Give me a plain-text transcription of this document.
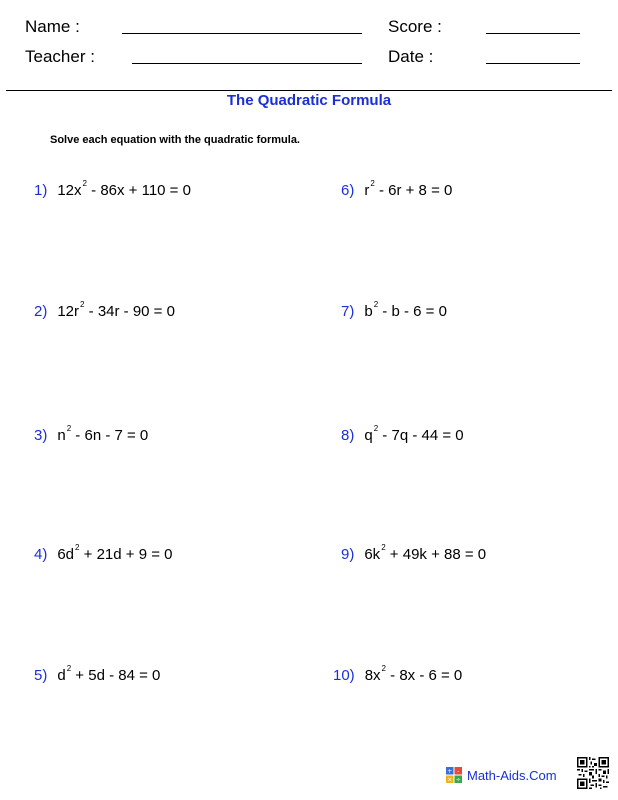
Name :	Score :
Teacher :	Date :
The Quadratic Formula
Solve each equation with the quadratic formula.
1) $12x^2 - 86x + 110 = 0$
2) $12r^2 - 34r - 90 = 0$
3) $n^2 - 6n - 7 = 0$
4) $6d^2 + 21d + 9 = 0$
5) $d^2 + 5d - 84 = 0$
6) $r^2 - 6r + 8 = 0$
7) $b^2 - b - 6 = 0$
8) $q^2 - 7q - 44 = 0$
9) $6k^2 + 49k + 88 = 0$
10) $8x^2 - 8x - 6 = 0$
+ -
× ÷ Math-Aids.Com
